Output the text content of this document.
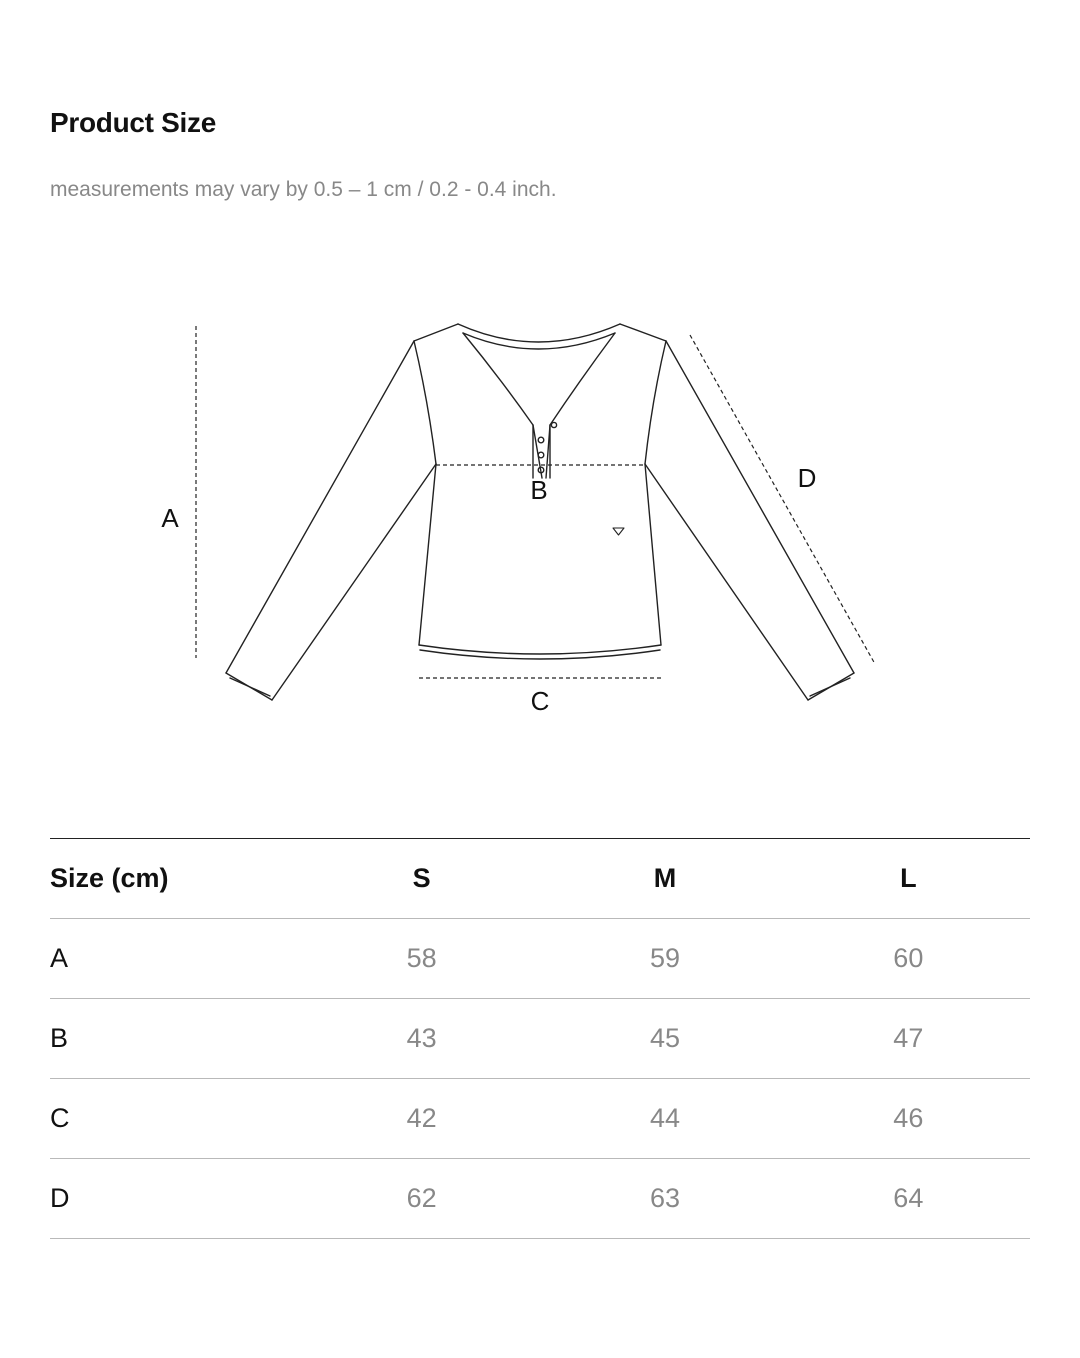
Product Size

measurements may vary by 0.5 – 1 cm / 0.2 - 0.4 inch.

A
B
C
D
Size (cm)	S	M	L
A	58	59	60
B	43	45	47
C	42	44	46
D	62	63	64
